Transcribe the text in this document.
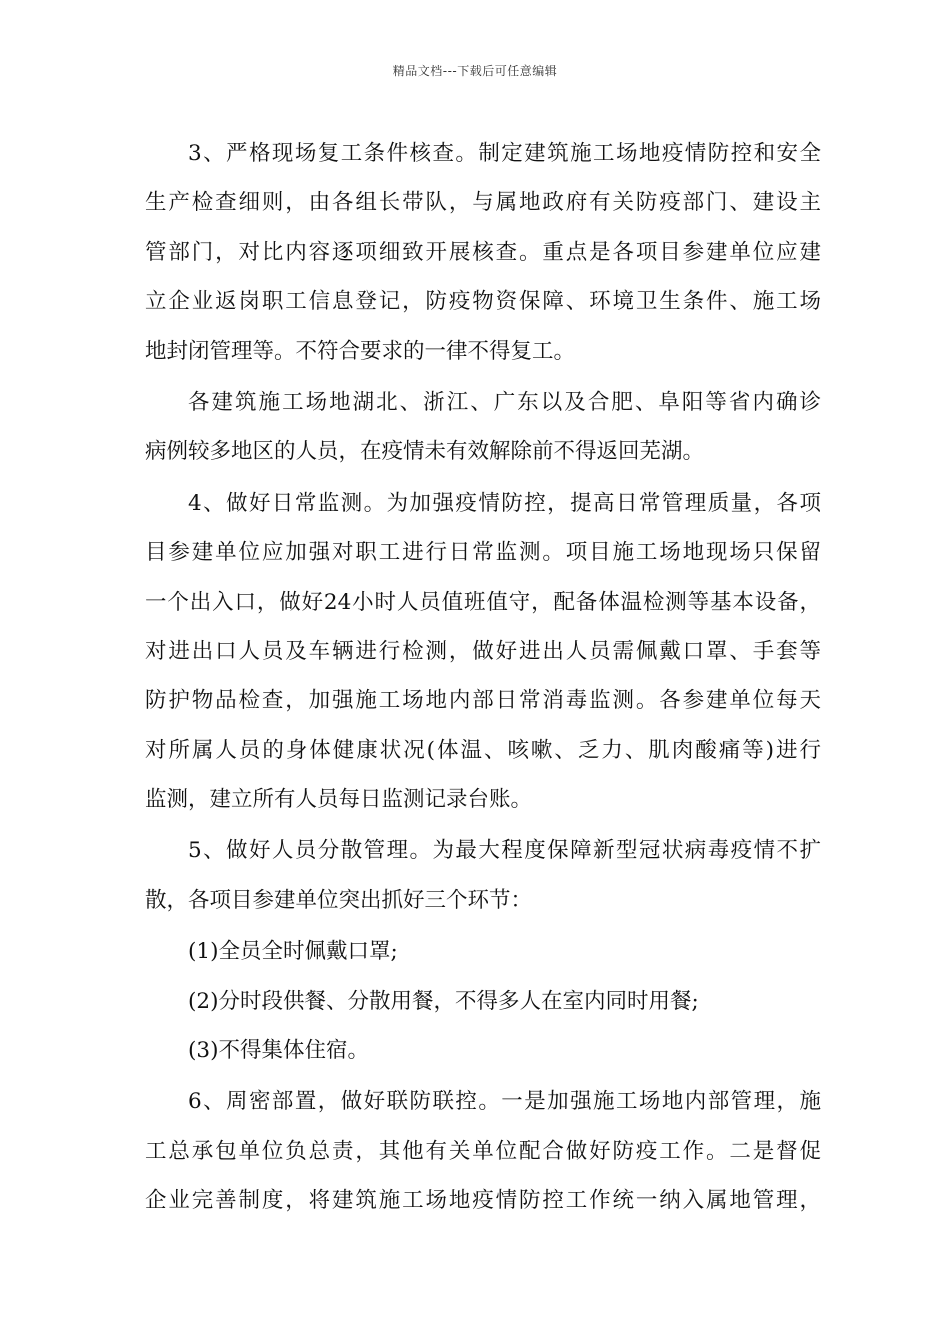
精品文档---下载后可任意编辑
3、严格现场复工条件核查。制定建筑施工场地疫情防控和安全
生产检查细则，由各组长带队，与属地政府有关防疫部门、建设主
管部门，对比内容逐项细致开展核查。重点是各项目参建单位应建
立企业返岗职工信息登记，防疫物资保障、环境卫生条件、施工场
地封闭管理等。不符合要求的一律不得复工。
各建筑施工场地湖北、浙江、广东以及合肥、阜阳等省内确诊
病例较多地区的人员，在疫情未有效解除前不得返回芜湖。
4、做好日常监测。为加强疫情防控，提高日常管理质量，各项
目参建单位应加强对职工进行日常监测。项目施工场地现场只保留
一个出入口，做好24小时人员值班值守，配备体温检测等基本设备，
对进出口人员及车辆进行检测，做好进出人员需佩戴口罩、手套等
防护物品检查，加强施工场地内部日常消毒监测。各参建单位每天
对所属人员的身体健康状况(体温、咳嗽、乏力、肌肉酸痛等)进行
监测，建立所有人员每日监测记录台账。
5、做好人员分散管理。为最大程度保障新型冠状病毒疫情不扩
散，各项目参建单位突出抓好三个环节：
(1)全员全时佩戴口罩;
(2)分时段供餐、分散用餐，不得多人在室内同时用餐;
(3)不得集体住宿。
6、周密部置，做好联防联控。一是加强施工场地内部管理，施
工总承包单位负总责，其他有关单位配合做好防疫工作。二是督促
企业完善制度，将建筑施工场地疫情防控工作统一纳入属地管理，
